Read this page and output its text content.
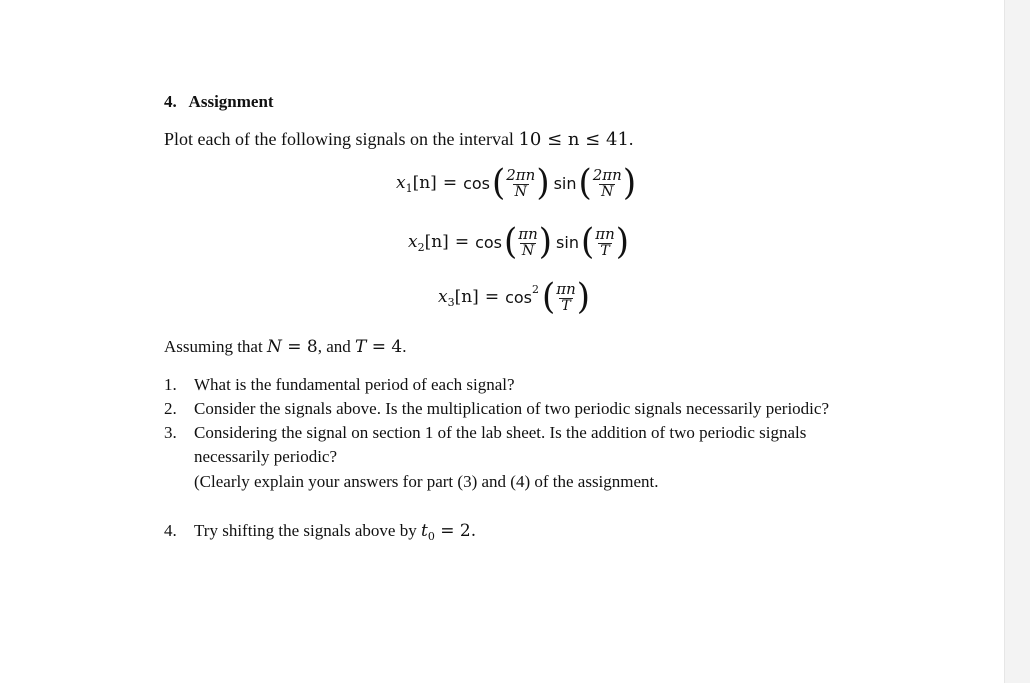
4.   Assignment
Plot each of the following signals on the interval 10 ≤ n ≤ 41.
x 1 [n] = cos ( $\frac{2\pi n}{N}$ ) sin ( $\frac{2\pi n}{N}$ )
x 2 [n] = cos ( $\frac{\pi n}{N}$ ) sin ( $\frac{\pi n}{T}$ )
x 3 [n] = cos 2 ( $\frac{\pi n}{T}$ )
Assuming that N = 8, and T = 4.
1.	What is the fundamental period of each signal?
2.	Consider the signals above. Is the multiplication of two periodic signals necessarily periodic?
3.	Considering the signal on section 1 of the lab sheet. Is the addition of two periodic signals
necessarily periodic?
(Clearly explain your answers for part (3) and (4) of the assignment.
4.	Try shifting the signals above by $t_0 = 2$.
